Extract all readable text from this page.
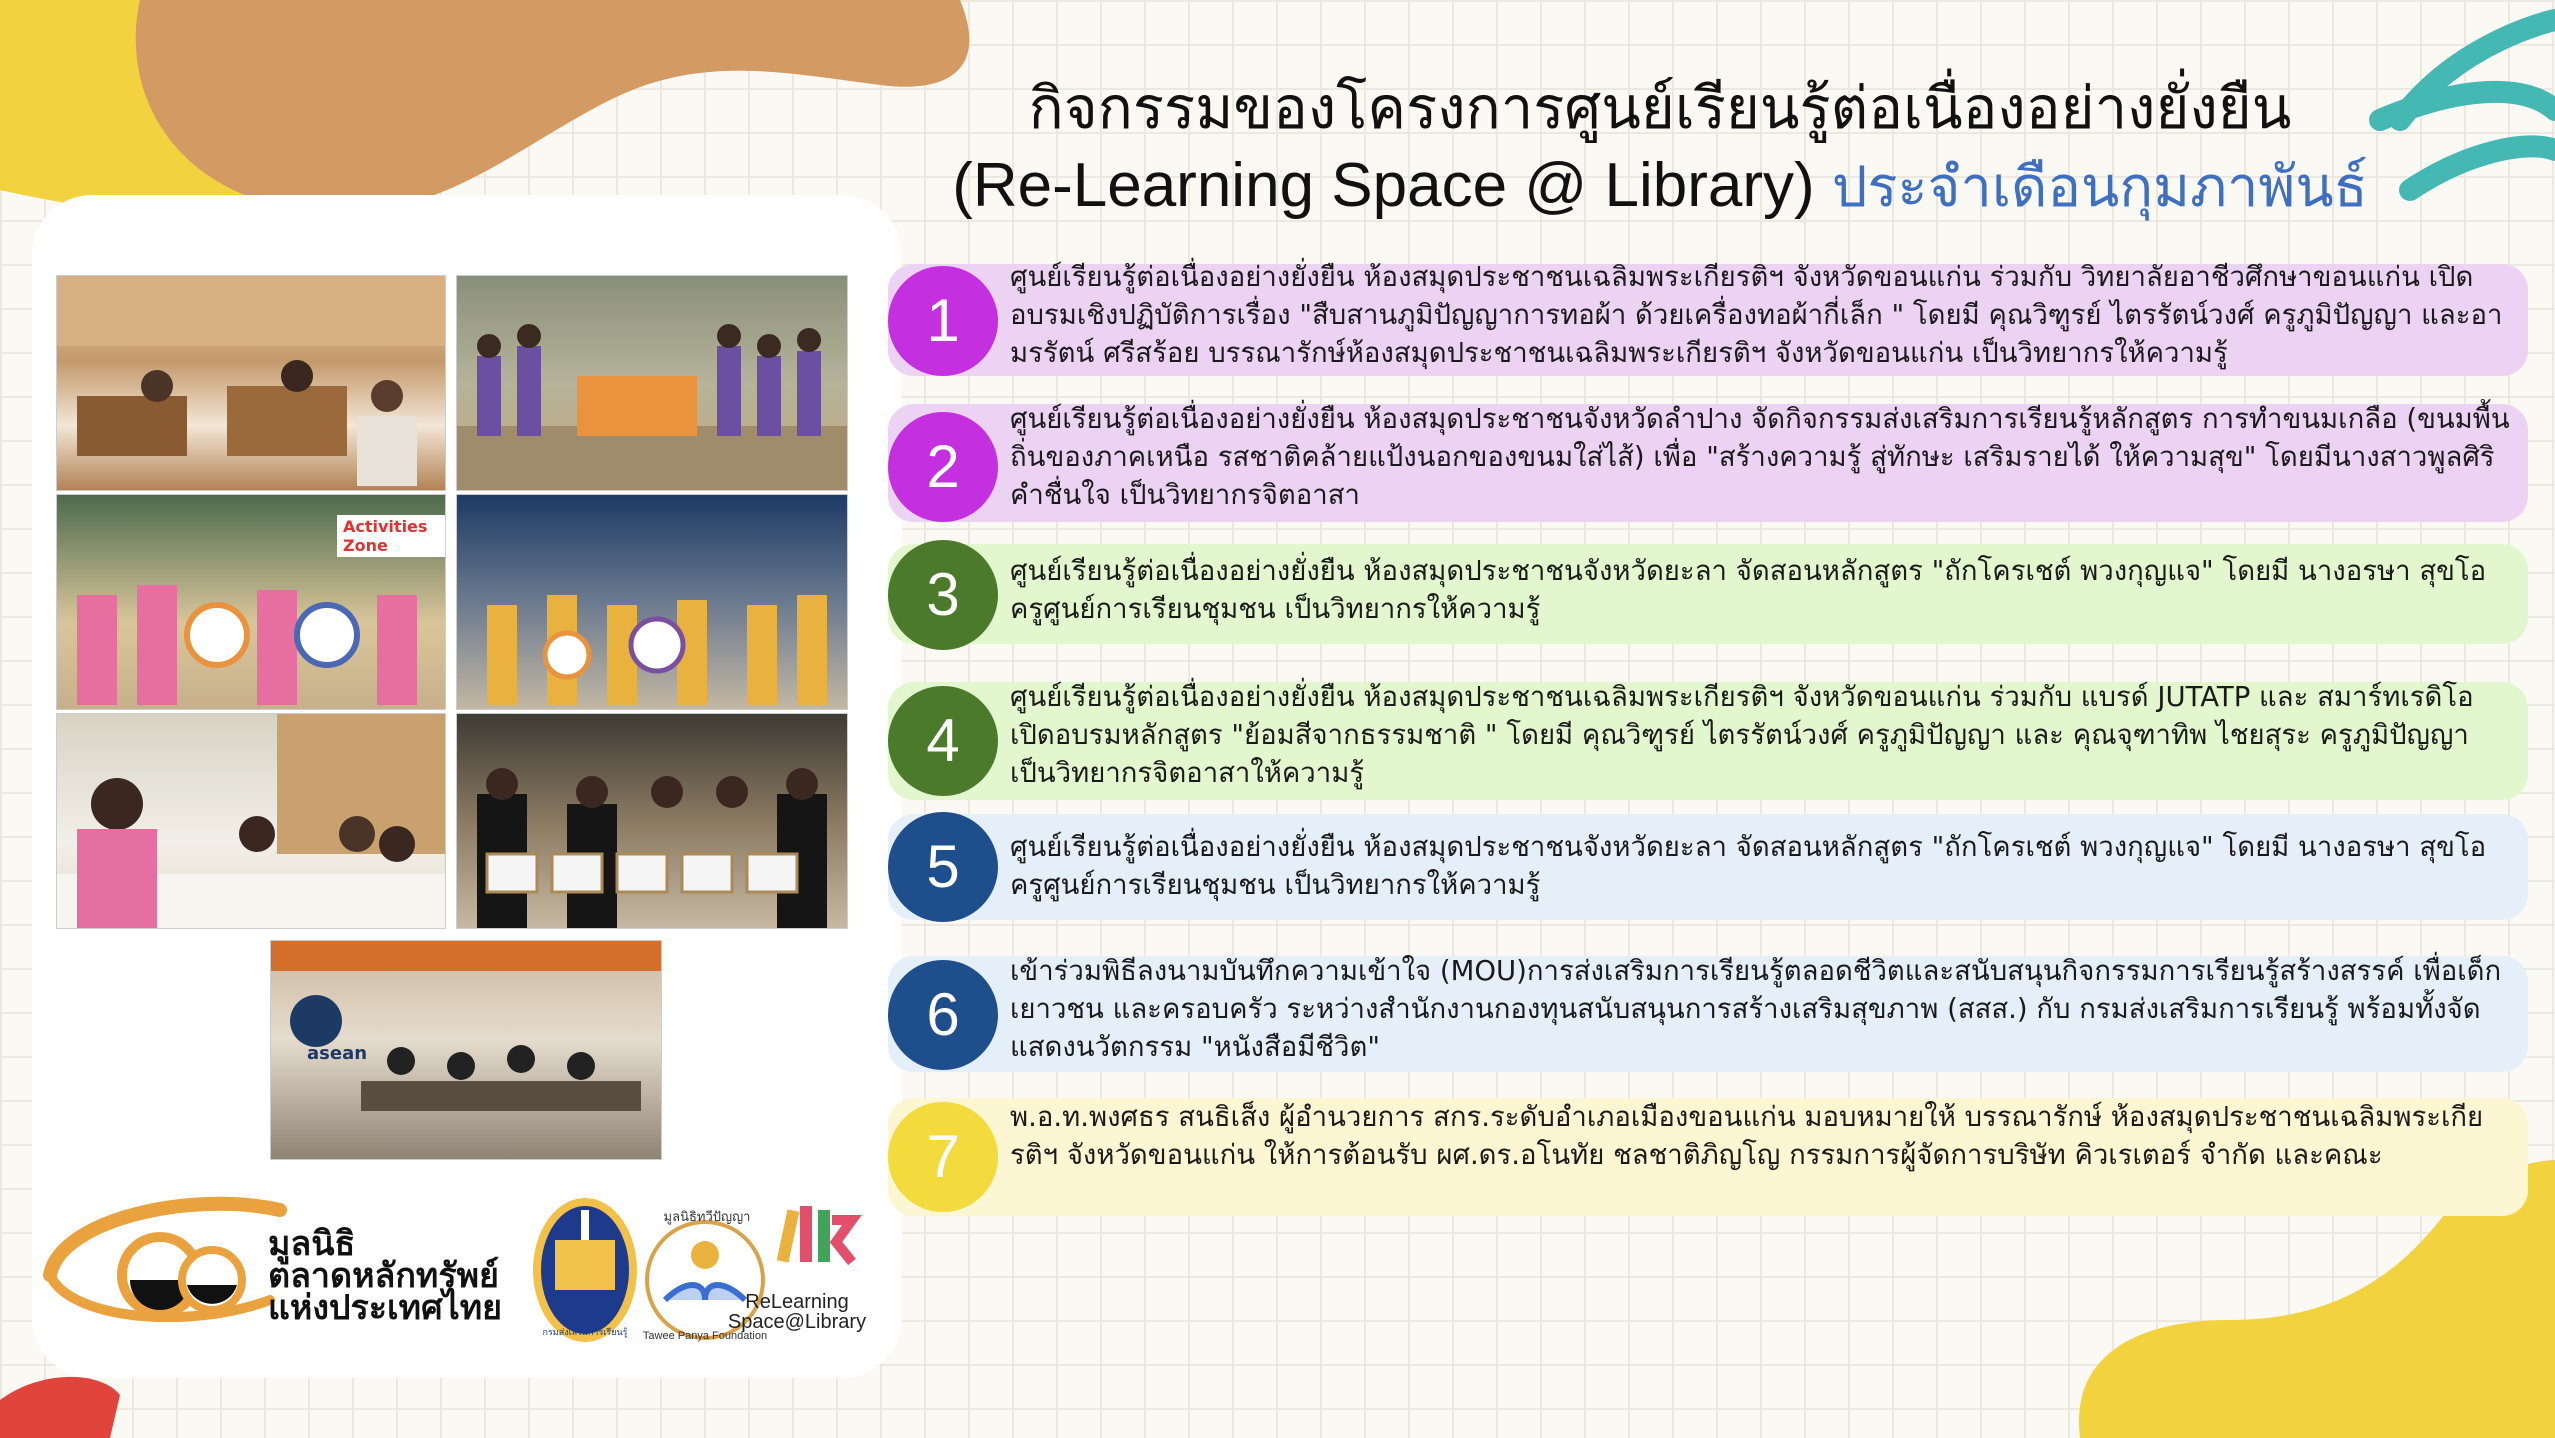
กิจกรรมของโครงการศูนย์เรียนรู้ต่อเนื่องอย่างยั่งยืน
(Re-Learning Space @ Library) ประจำเดือนกุมภาพันธ์
Activities Zone
asean
มูลนิธิ
ตลาดหลักทรัพย์
แห่งประเทศไทย	ReLearning
Space@Library
มูลนิธิทวีปัญญา
Tawee Panya Foundation
กรมส่งเสริมการเรียนรู้
1
ศูนย์เรียนรู้ต่อเนื่องอย่างยั่งยืน ห้องสมุดประชาชนเฉลิมพระเกียรติฯ จังหวัดขอนแก่น ร่วมกับ วิทยาลัยอาชีวศึกษาขอนแก่น เปิดอบรมเชิงปฏิบัติการเรื่อง "สืบสานภูมิปัญญาการทอผ้า ด้วยเครื่องทอผ้ากี่เล็ก " โดยมี คุณวิฑูรย์ ไตรรัตน์วงศ์ ครูภูมิปัญญา และอามรรัตน์ ศรีสร้อย บรรณารักษ์ห้องสมุดประชาชนเฉลิมพระเกียรติฯ จังหวัดขอนแก่น เป็นวิทยากรให้ความรู้
2
ศูนย์เรียนรู้ต่อเนื่องอย่างยั่งยืน ห้องสมุดประชาชนจังหวัดลำปาง จัดกิจกรรมส่งเสริมการเรียนรู้หลักสูตร การทำขนมเกลือ (ขนมพื้นถิ่นของภาคเหนือ รสชาติคล้ายแป้งนอกของขนมใส่ไส้) เพื่อ "สร้างความรู้ สู่ทักษะ เสริมรายได้ ให้ความสุข" โดยมีนางสาวพูลศิริ คำชื่นใจ เป็นวิทยากรจิตอาสา
3	ศูนย์เรียนรู้ต่อเนื่องอย่างยั่งยืน ห้องสมุดประชาชนจังหวัดยะลา จัดสอนหลักสูตร "ถักโครเชต์ พวงกุญแจ" โดยมี นางอรษา สุขโอ ครูศูนย์การเรียนชุมชน เป็นวิทยากรให้ความรู้
4
ศูนย์เรียนรู้ต่อเนื่องอย่างยั่งยืน ห้องสมุดประชาชนเฉลิมพระเกียรติฯ จังหวัดขอนแก่น ร่วมกับ แบรด์ JUTATP และ สมาร์ทเรดิโอ เปิดอบรมหลักสูตร "ย้อมสีจากธรรมชาติ " โดยมี คุณวิฑูรย์ ไตรรัตน์วงศ์ ครูภูมิปัญญา และ คุณจุฑาทิพ ไชยสุระ ครูภูมิปัญญา เป็นวิทยากรจิตอาสาให้ความรู้
5	ศูนย์เรียนรู้ต่อเนื่องอย่างยั่งยืน ห้องสมุดประชาชนจังหวัดยะลา จัดสอนหลักสูตร "ถักโครเชต์ พวงกุญแจ" โดยมี นางอรษา สุขโอ ครูศูนย์การเรียนชุมชน เป็นวิทยากรให้ความรู้
6
เข้าร่วมพิธีลงนามบันทึกความเข้าใจ (MOU)การส่งเสริมการเรียนรู้ตลอดชีวิตและสนับสนุนกิจกรรมการเรียนรู้สร้างสรรค์ เพื่อเด็ก เยาวชน และครอบครัว ระหว่างสำนักงานกองทุนสนับสนุนการสร้างเสริมสุขภาพ (สสส.) กับ กรมส่งเสริมการเรียนรู้ พร้อมทั้งจัดแสดงนวัตกรรม "หนังสือมีชีวิต"
7
พ.อ.ท.พงศธร สนธิเส็ง ผู้อำนวยการ สกร.ระดับอำเภอเมืองขอนแก่น มอบหมายให้ บรรณารักษ์ ห้องสมุดประชาชนเฉลิมพระเกียรติฯ จังหวัดขอนแก่น ให้การต้อนรับ ผศ.ดร.อโนทัย ชลชาติภิญโญ กรรมการผู้จัดการบริษัท คิวเรเตอร์ จำกัด และคณะ
